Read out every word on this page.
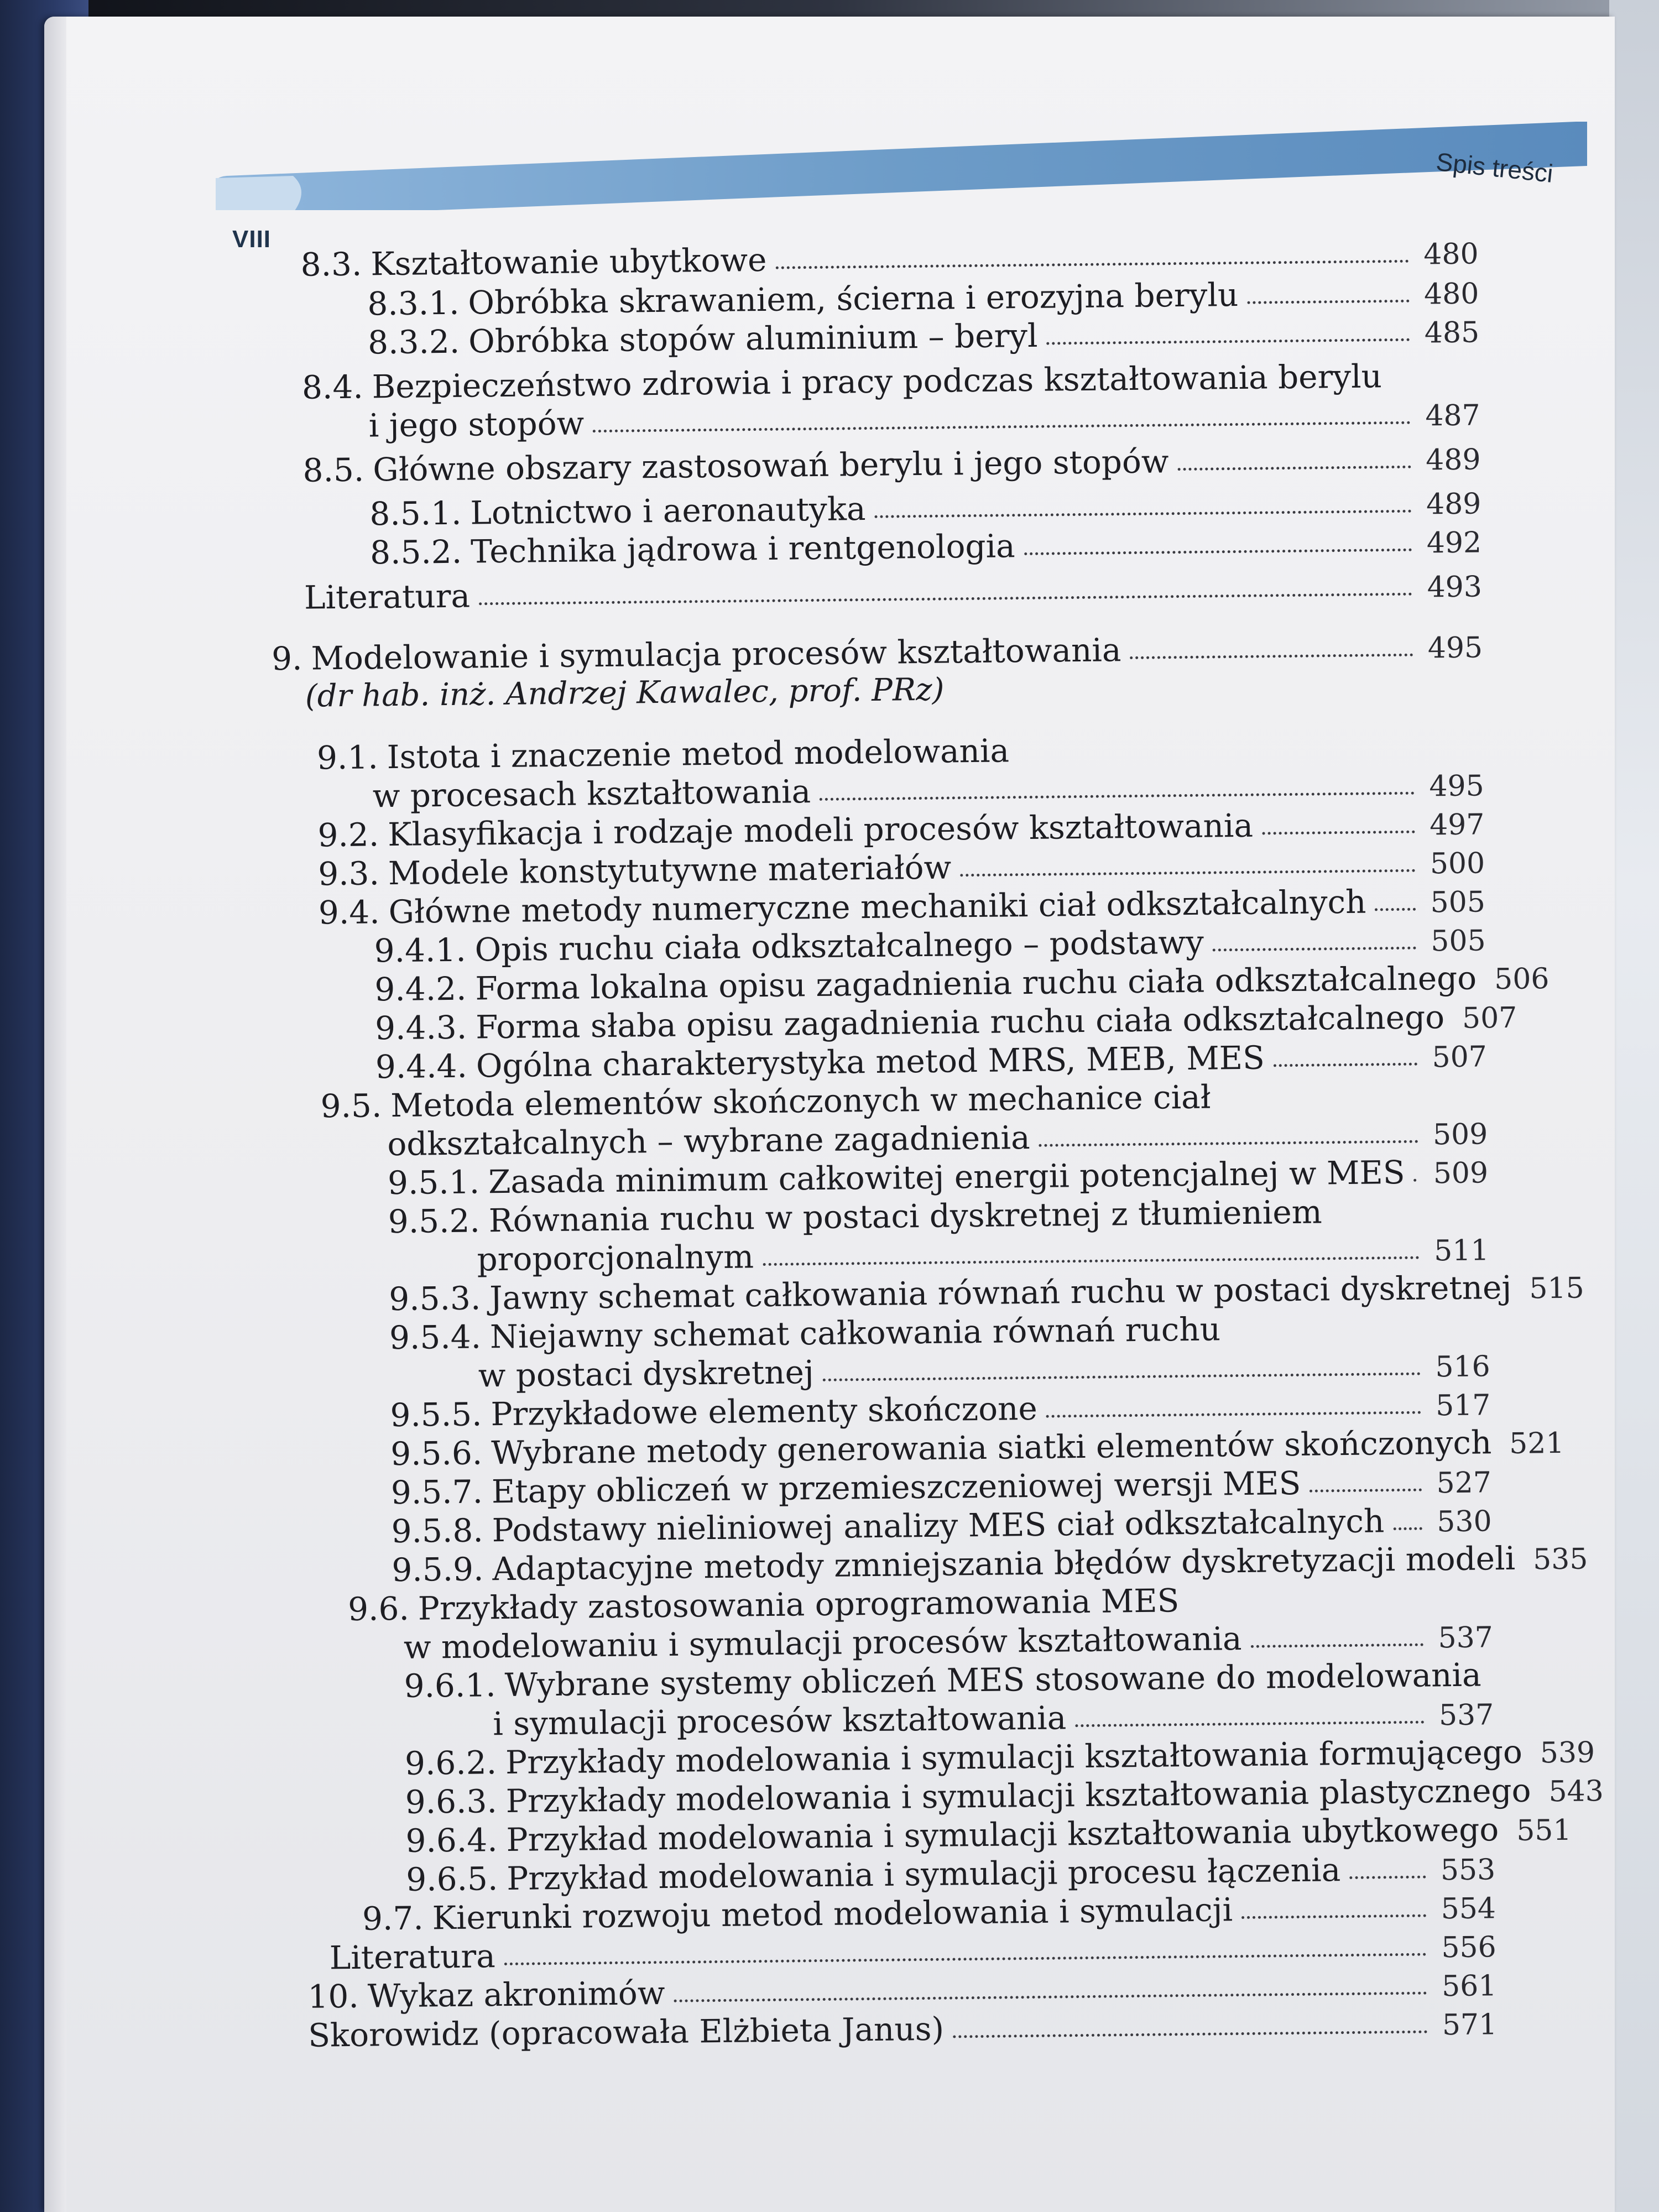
VIII
Spis treści
8.3. Kształtowanie ubytkowe	480
8.3.1. Obróbka skrawaniem, ścierna i erozyjna berylu	480
8.3.2. Obróbka stopów aluminium – beryl	485
8.4. Bezpieczeństwo zdrowia i pracy podczas kształtowania berylu
i jego stopów	487
8.5. Główne obszary zastosowań berylu i jego stopów	489
8.5.1. Lotnictwo i aeronautyka	489
8.5.2. Technika jądrowa i rentgenologia	492
Literatura	493
9. Modelowanie i symulacja procesów kształtowania	495
(dr hab. inż. Andrzej Kawalec, prof. PRz)
9.1. Istota i znaczenie metod modelowania
w procesach kształtowania	495
9.2. Klasyfikacja i rodzaje modeli procesów kształtowania	497
9.3. Modele konstytutywne materiałów	500
9.4. Główne metody numeryczne mechaniki ciał odkształcalnych 505
9.4.1. Opis ruchu ciała odkształcalnego – podstawy	505
9.4.2. Forma lokalna opisu zagadnienia ruchu ciała odkształcalnego 506
9.4.3. Forma słaba opisu zagadnienia ruchu ciała odkształcalnego 507
9.4.4. Ogólna charakterystyka metod MRS, MEB, MES	507
9.5. Metoda elementów skończonych w mechanice ciał
odkształcalnych – wybrane zagadnienia	509
9.5.1. Zasada minimum całkowitej energii potencjalnej w MES 509
9.5.2. Równania ruchu w postaci dyskretnej z tłumieniem
proporcjonalnym	511
9.5.3. Jawny schemat całkowania równań ruchu w postaci dyskretnej 515
9.5.4. Niejawny schemat całkowania równań ruchu
w postaci dyskretnej	516
9.5.5. Przykładowe elementy skończone	517
9.5.6. Wybrane metody generowania siatki elementów skończonych 521
9.5.7. Etapy obliczeń w przemieszczeniowej wersji MES	527
9.5.8. Podstawy nieliniowej analizy MES ciał odkształcalnych 530
9.5.9. Adaptacyjne metody zmniejszania błędów dyskretyzacji modeli 535
9.6. Przykłady zastosowania oprogramowania MES
w modelowaniu i symulacji procesów kształtowania	537
9.6.1. Wybrane systemy obliczeń MES stosowane do modelowania
i symulacji procesów kształtowania	537
9.6.2. Przykłady modelowania i symulacji kształtowania formującego 539
9.6.3. Przykłady modelowania i symulacji kształtowania plastycznego 543
9.6.4. Przykład modelowania i symulacji kształtowania ubytkowego 551
9.6.5. Przykład modelowania i symulacji procesu łączenia	553
9.7. Kierunki rozwoju metod modelowania i symulacji	554
Literatura	556
10. Wykaz akronimów	561
Skorowidz (opracowała Elżbieta Janus)	571
